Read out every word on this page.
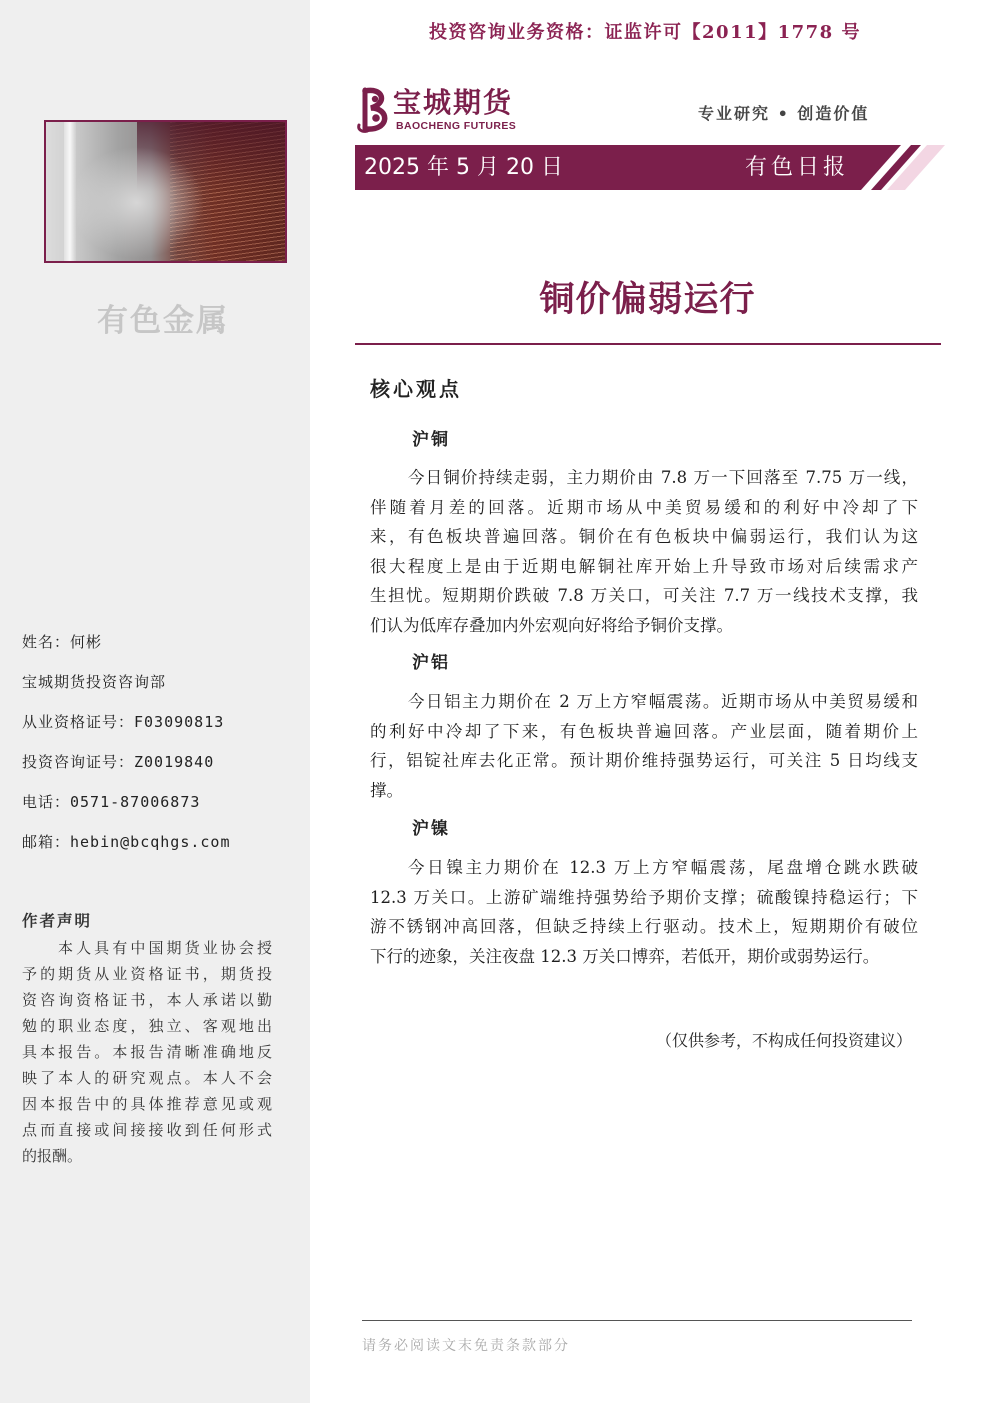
有色金属
姓名：何彬
宝城期货投资咨询部
从业资格证号：F03090813
投资咨询证号：Z0019840
电话：0571-87006873
邮箱：hebin@bcqhgs.com
作者声明
本人具有中国期货业协会授
予的期货从业资格证书，期货投
资咨询资格证书，本人承诺以勤
勉的职业态度，独立、客观地出
具本报告。本报告清晰准确地反
映了本人的研究观点。本人不会
因本报告中的具体推荐意见或观
点而直接或间接接收到任何形式
的报酬。
投资咨询业务资格：证监许可【2011】1778 号
宝城期货
BAOCHENG FUTURES
专业研究 • 创造价值
2025 年 5 月 20 日	有色日报
铜价偏弱运行
核心观点
沪铜
今日铜价持续走弱，主力期价由 7.8 万一下回落至 7.75 万一线，
伴随着月差的回落。近期市场从中美贸易缓和的利好中冷却了下
来，有色板块普遍回落。铜价在有色板块中偏弱运行，我们认为这
很大程度上是由于近期电解铜社库开始上升导致市场对后续需求产
生担忧。短期期价跌破 7.8 万关口，可关注 7.7 万一线技术支撑，我
们认为低库存叠加内外宏观向好将给予铜价支撑。
沪铝
今日铝主力期价在 2 万上方窄幅震荡。近期市场从中美贸易缓和
的利好中冷却了下来，有色板块普遍回落。产业层面，随着期价上
行，铝锭社库去化正常。预计期价维持强势运行，可关注 5 日均线支
撑。
沪镍
今日镍主力期价在 12.3 万上方窄幅震荡，尾盘增仓跳水跌破
12.3 万关口。上游矿端维持强势给予期价支撑；硫酸镍持稳运行；下
游不锈钢冲高回落，但缺乏持续上行驱动。技术上，短期期价有破位
下行的迹象，关注夜盘 12.3 万关口博弈，若低开，期价或弱势运行。
（仅供参考，不构成任何投资建议）
请务必阅读文末免责条款部分
